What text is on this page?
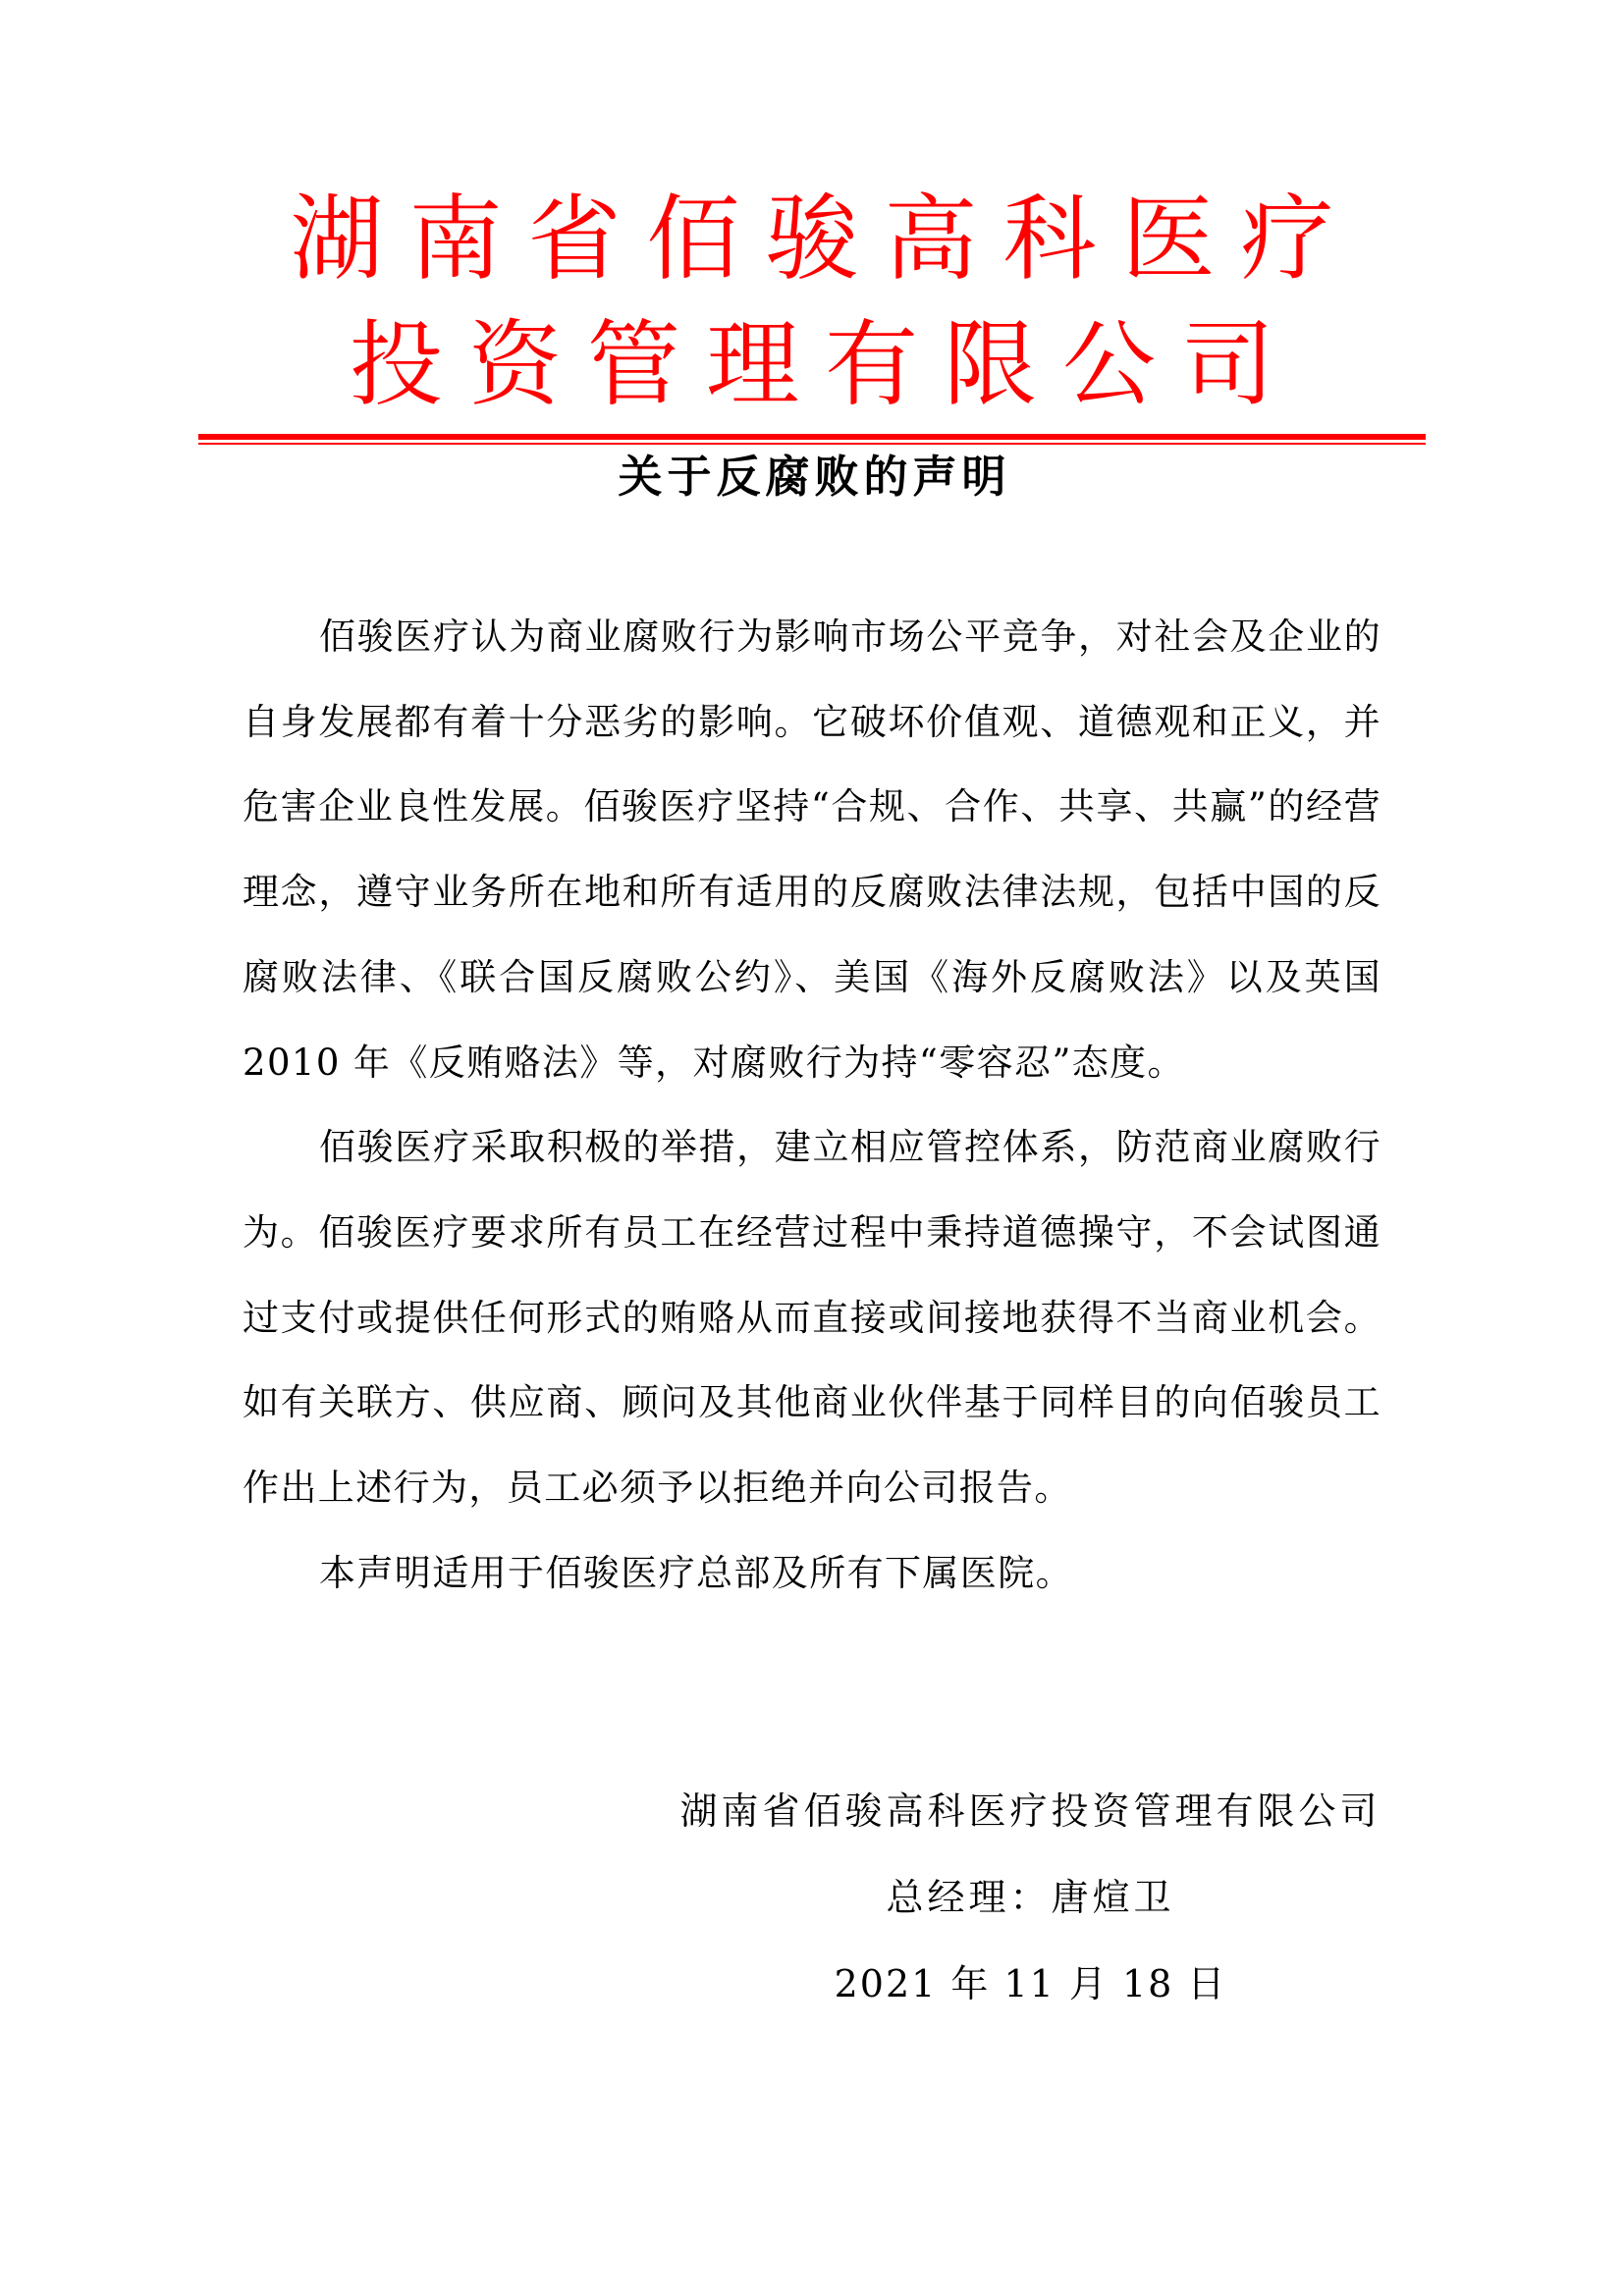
湖南省佰骏高科医疗
投资管理有限公司
关于反腐败的声明

佰骏医疗认为商业腐败行为影响市场公平竞争，对社会及企业的自身发展都有着十分恶劣的影响。它破坏价值观、道德观和正义，并危害企业良性发展。佰骏医疗坚持“合规、合作、共享、共赢”的经营理念，遵守业务所在地和所有适用的反腐败法律法规，包括中国的反腐败法律、《联合国反腐败公约》、美国《海外反腐败法》以及英国 2010 年《反贿赂法》等，对腐败行为持“零容忍”态度。

佰骏医疗采取积极的举措，建立相应管控体系，防范商业腐败行为。佰骏医疗要求所有员工在经营过程中秉持道德操守，不会试图通过支付或提供任何形式的贿赂从而直接或间接地获得不当商业机会。如有关联方、供应商、顾问及其他商业伙伴基于同样目的向佰骏员工作出上述行为，员工必须予以拒绝并向公司报告。

本声明适用于佰骏医疗总部及所有下属医院。

湖南省佰骏高科医疗投资管理有限公司
总经理：唐煊卫
2021 年 11 月 18 日
